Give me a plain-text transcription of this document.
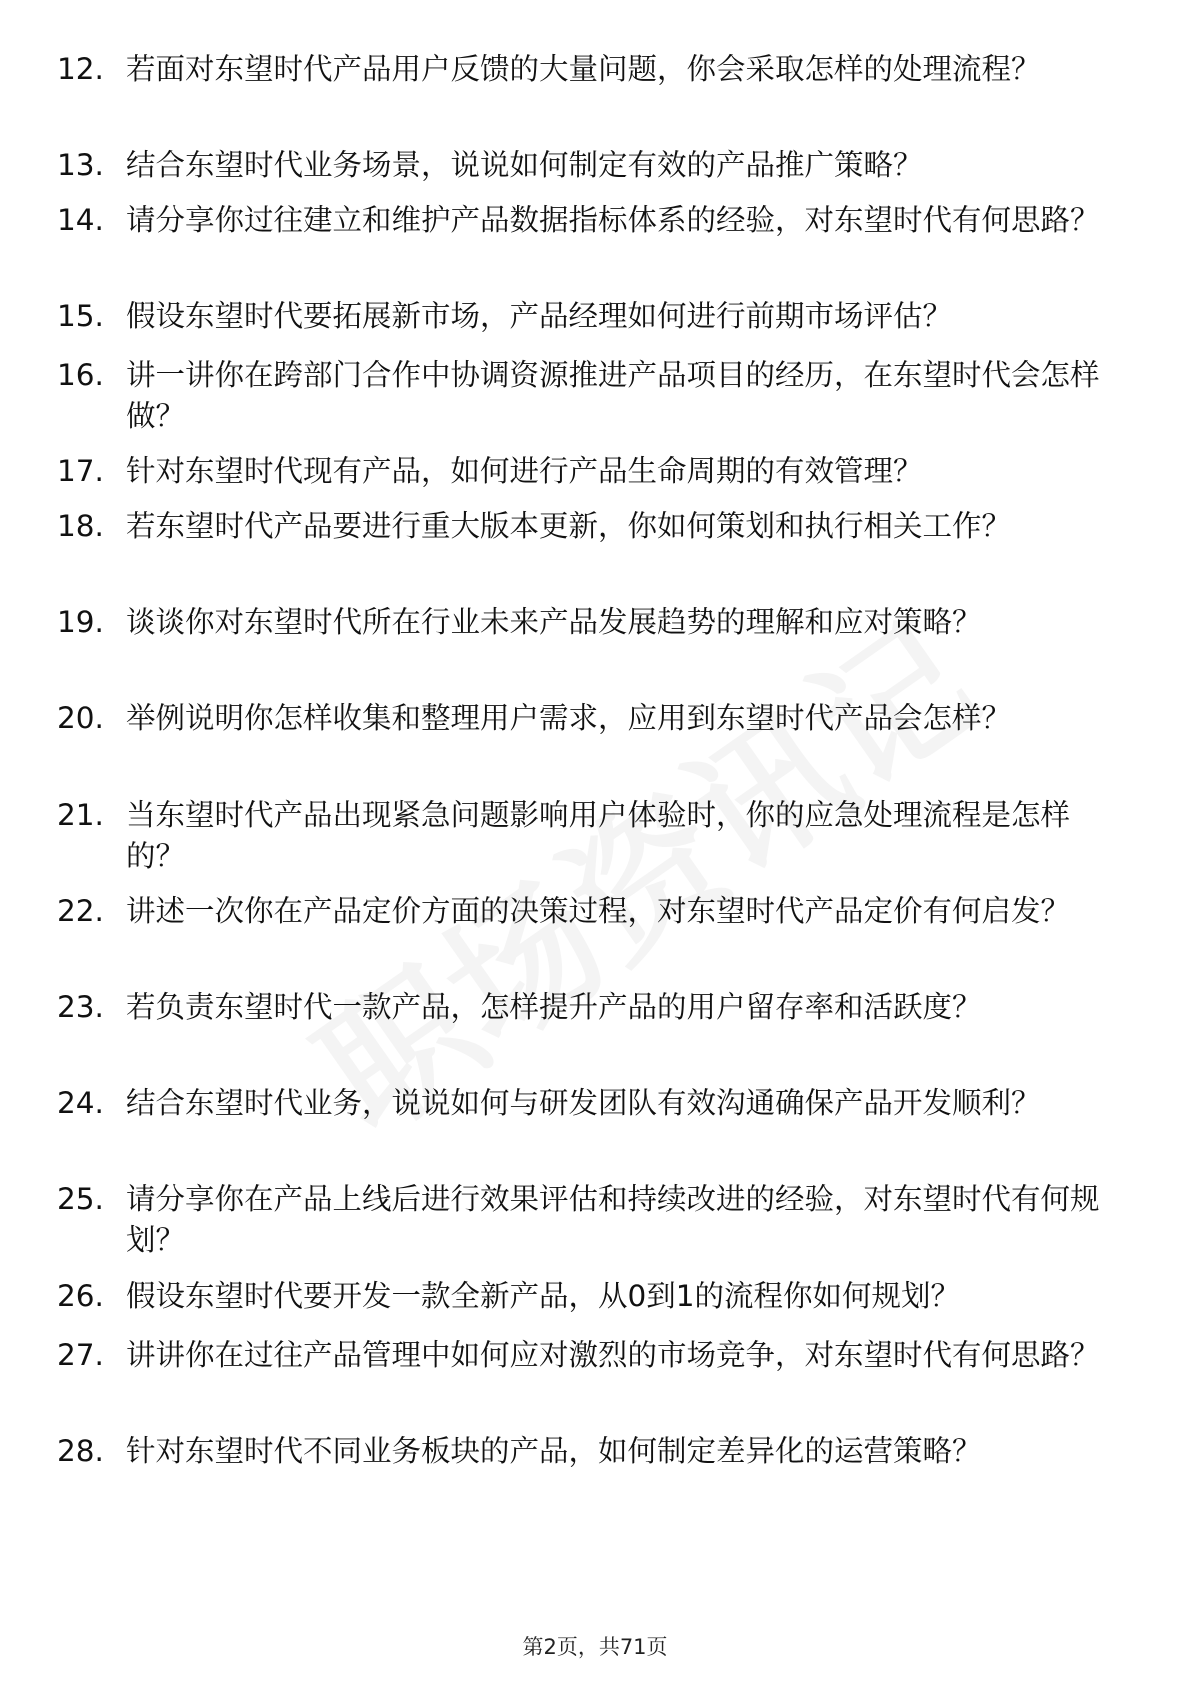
12. 若面对东望时代产品用户反馈的大量问题，你会采取怎样的处理流程？
13. 结合东望时代业务场景，说说如何制定有效的产品推广策略？
14. 请分享你过往建立和维护产品数据指标体系的经验，对东望时代有何思路？
15. 假设东望时代要拓展新市场，产品经理如何进行前期市场评估？
16. 讲一讲你在跨部门合作中协调资源推进产品项目的经历，在东望时代会怎样做？
17. 针对东望时代现有产品，如何进行产品生命周期的有效管理？
18. 若东望时代产品要进行重大版本更新，你如何策划和执行相关工作？
19. 谈谈你对东望时代所在行业未来产品发展趋势的理解和应对策略？
20. 举例说明你怎样收集和整理用户需求，应用到东望时代产品会怎样？
21. 当东望时代产品出现紧急问题影响用户体验时，你的应急处理流程是怎样的？
22. 讲述一次你在产品定价方面的决策过程，对东望时代产品定价有何启发？
23. 若负责东望时代一款产品，怎样提升产品的用户留存率和活跃度？
24. 结合东望时代业务，说说如何与研发团队有效沟通确保产品开发顺利？
25. 请分享你在产品上线后进行效果评估和持续改进的经验，对东望时代有何规划？
26. 假设东望时代要开发一款全新产品，从0到1的流程你如何规划？
27. 讲讲你在过往产品管理中如何应对激烈的市场竞争，对东望时代有何思路？
28. 针对东望时代不同业务板块的产品，如何制定差异化的运营策略？
第2页，共71页
